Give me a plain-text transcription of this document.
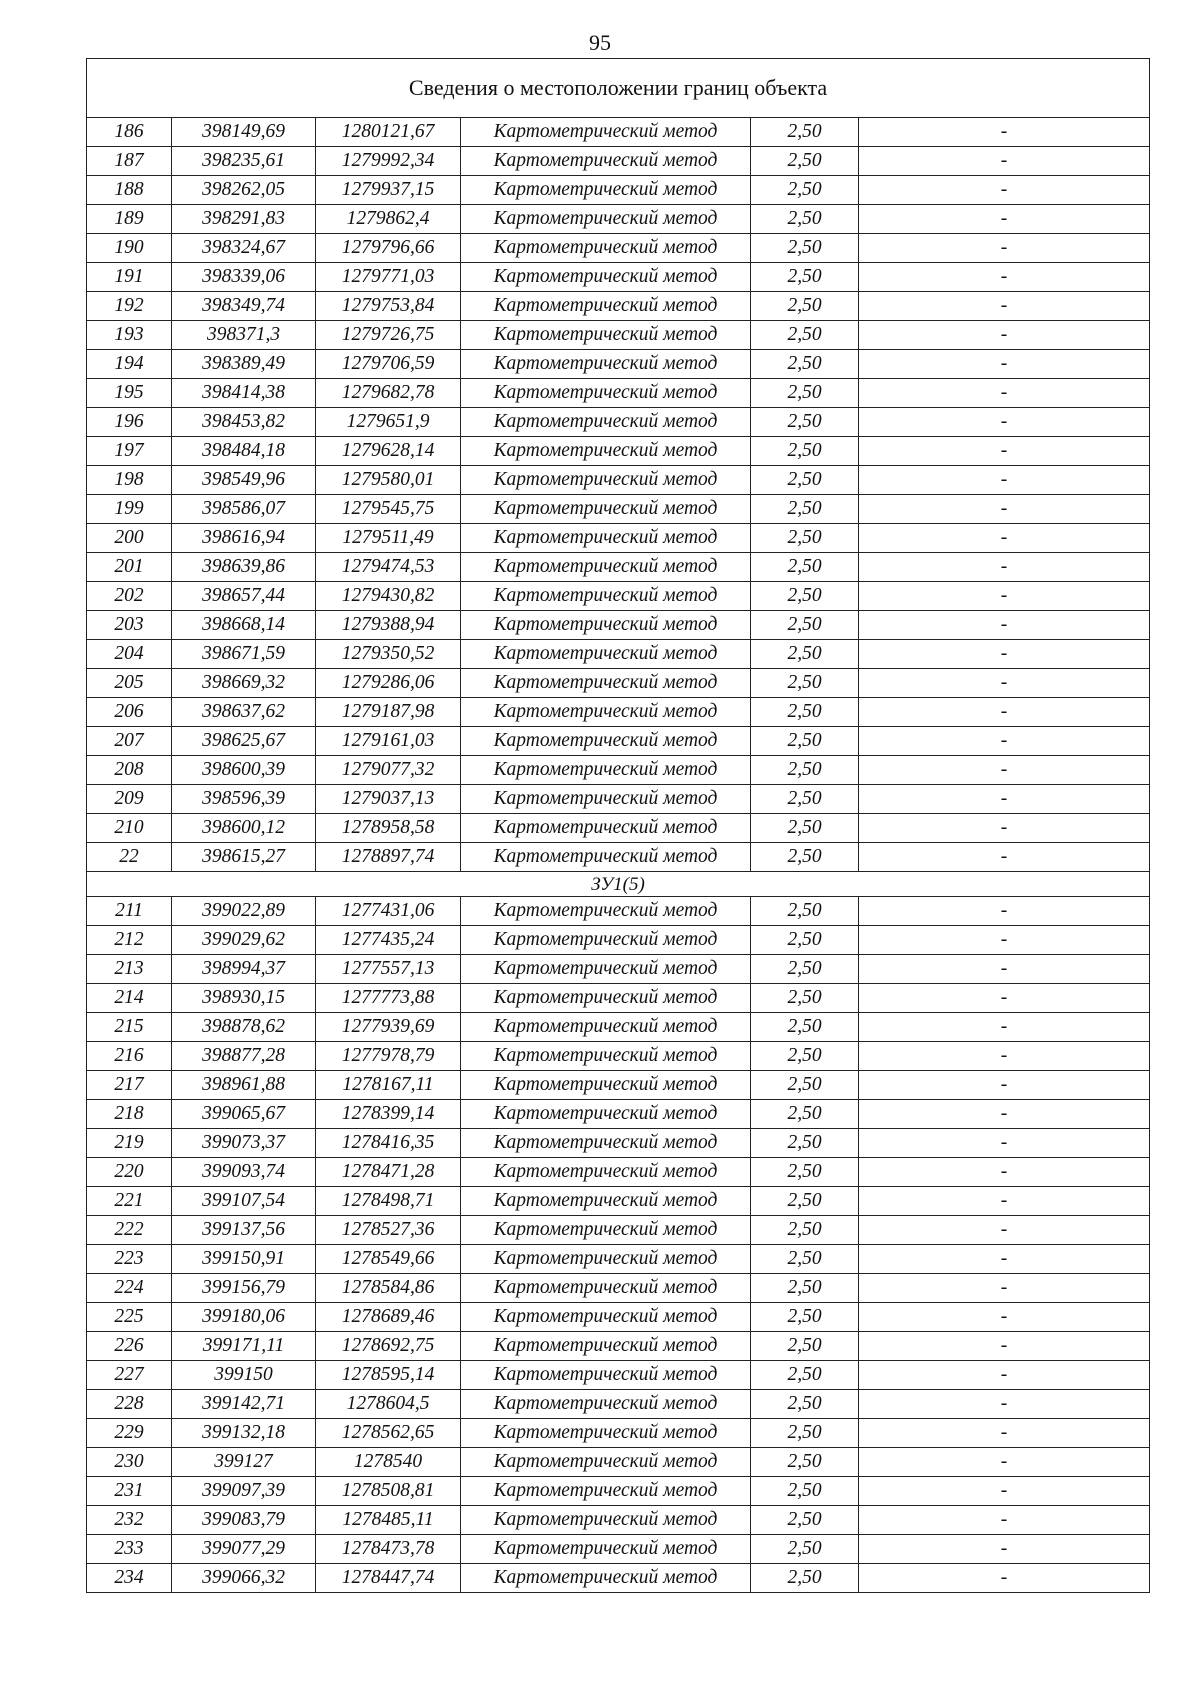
95
Сведения о местоположении границ объекта					
186	398149,69	1280121,67	Картометрический метод	2,50	-
187	398235,61	1279992,34	Картометрический метод	2,50	-
188	398262,05	1279937,15	Картометрический метод	2,50	-
189	398291,83	1279862,4	Картометрический метод	2,50	-
190	398324,67	1279796,66	Картометрический метод	2,50	-
191	398339,06	1279771,03	Картометрический метод	2,50	-
192	398349,74	1279753,84	Картометрический метод	2,50	-
193	398371,3	1279726,75	Картометрический метод	2,50	-
194	398389,49	1279706,59	Картометрический метод	2,50	-
195	398414,38	1279682,78	Картометрический метод	2,50	-
196	398453,82	1279651,9	Картометрический метод	2,50	-
197	398484,18	1279628,14	Картометрический метод	2,50	-
198	398549,96	1279580,01	Картометрический метод	2,50	-
199	398586,07	1279545,75	Картометрический метод	2,50	-
200	398616,94	1279511,49	Картометрический метод	2,50	-
201	398639,86	1279474,53	Картометрический метод	2,50	-
202	398657,44	1279430,82	Картометрический метод	2,50	-
203	398668,14	1279388,94	Картометрический метод	2,50	-
204	398671,59	1279350,52	Картометрический метод	2,50	-
205	398669,32	1279286,06	Картометрический метод	2,50	-
206	398637,62	1279187,98	Картометрический метод	2,50	-
207	398625,67	1279161,03	Картометрический метод	2,50	-
208	398600,39	1279077,32	Картометрический метод	2,50	-
209	398596,39	1279037,13	Картометрический метод	2,50	-
210	398600,12	1278958,58	Картометрический метод	2,50	-
22	398615,27	1278897,74	Картометрический метод	2,50	-
ЗУ1(5)					
211	399022,89	1277431,06	Картометрический метод	2,50	-
212	399029,62	1277435,24	Картометрический метод	2,50	-
213	398994,37	1277557,13	Картометрический метод	2,50	-
214	398930,15	1277773,88	Картометрический метод	2,50	-
215	398878,62	1277939,69	Картометрический метод	2,50	-
216	398877,28	1277978,79	Картометрический метод	2,50	-
217	398961,88	1278167,11	Картометрический метод	2,50	-
218	399065,67	1278399,14	Картометрический метод	2,50	-
219	399073,37	1278416,35	Картометрический метод	2,50	-
220	399093,74	1278471,28	Картометрический метод	2,50	-
221	399107,54	1278498,71	Картометрический метод	2,50	-
222	399137,56	1278527,36	Картометрический метод	2,50	-
223	399150,91	1278549,66	Картометрический метод	2,50	-
224	399156,79	1278584,86	Картометрический метод	2,50	-
225	399180,06	1278689,46	Картометрический метод	2,50	-
226	399171,11	1278692,75	Картометрический метод	2,50	-
227	399150	1278595,14	Картометрический метод	2,50	-
228	399142,71	1278604,5	Картометрический метод	2,50	-
229	399132,18	1278562,65	Картометрический метод	2,50	-
230	399127	1278540	Картометрический метод	2,50	-
231	399097,39	1278508,81	Картометрический метод	2,50	-
232	399083,79	1278485,11	Картометрический метод	2,50	-
233	399077,29	1278473,78	Картометрический метод	2,50	-
234	399066,32	1278447,74	Картометрический метод	2,50	-
